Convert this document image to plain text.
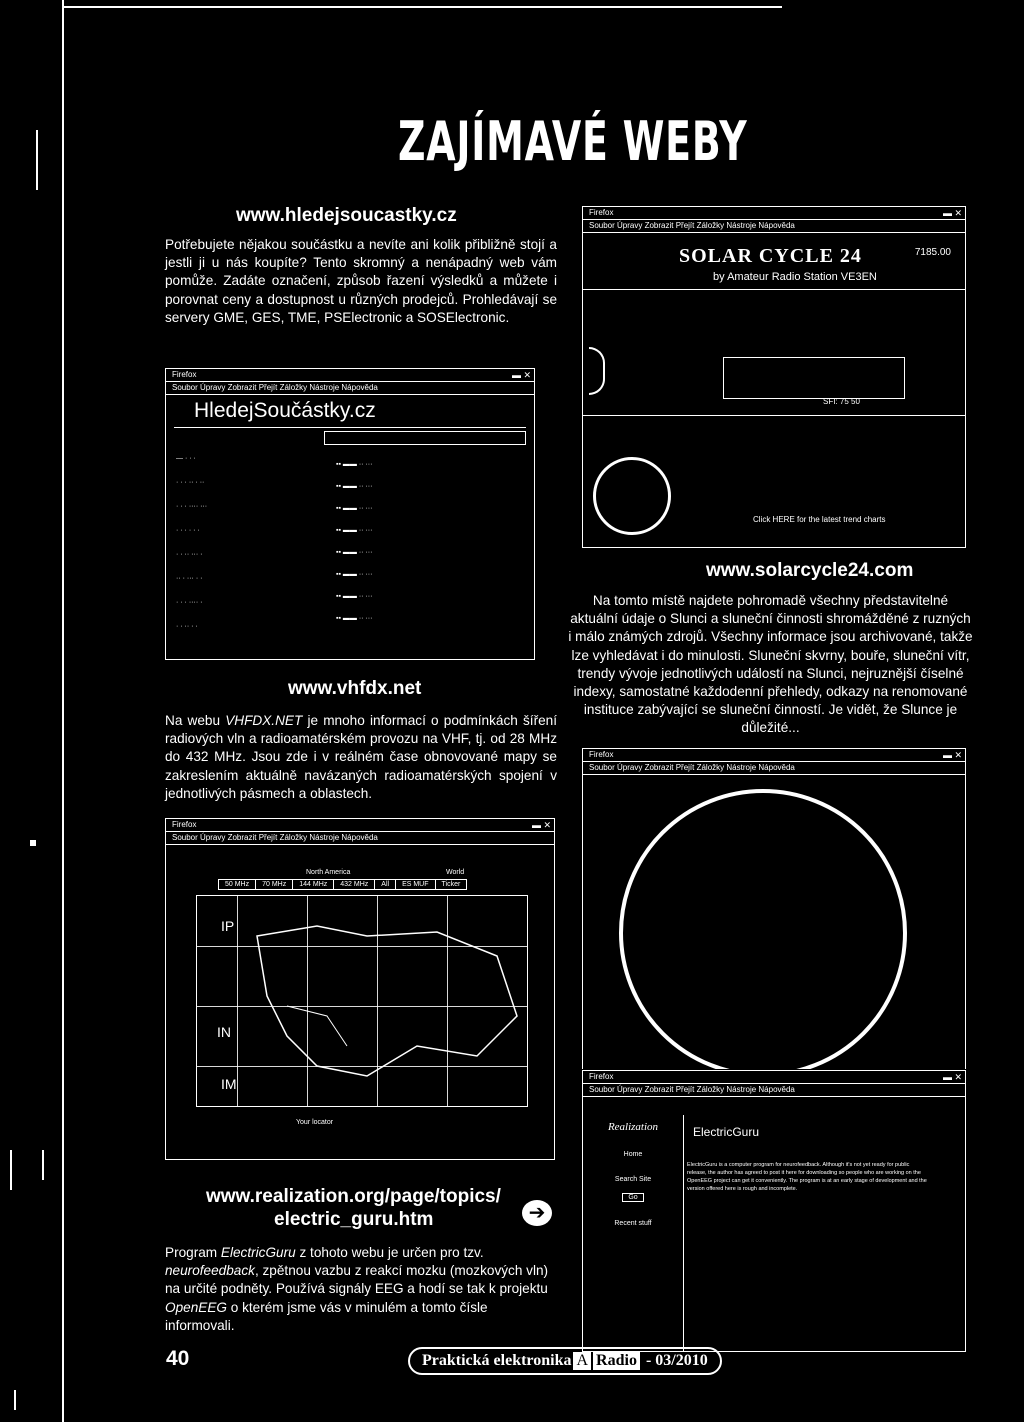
ZAJÍMAVÉ WEBY
www.hledejsoucastky.cz
Potřebujete nějakou součástku a nevíte ani kolik přibližně stojí a jestli ji u nás koupíte? Tento skromný a nenápadný web vám pomůže. Zadáte označení, způsob řazení výsledků a můžete i porovnat ceny a dostupnost u různých prodejců. Prohledávají se servery GME, GES, TME, PSElectronic a SOSElectronic.
Firefox	▬ ✕
Soubor Úpravy Zobrazit Přejít Záložky Nástroje Nápověda
HledejSoučástky.cz
— · · ·
· · · ·· · ··
· · · ···· ···
· · · · · ·
· · ·· ··· ·
·· · ··· · ·
· · · ···· ·
· · ·· · ·
▪▪ ▬▬ ·· ···
▪▪ ▬▬ ·· ···
▪▪ ▬▬ ·· ···
▪▪ ▬▬ ·· ···
▪▪ ▬▬ ·· ···
▪▪ ▬▬ ·· ···
▪▪ ▬▬ ·· ···
▪▪ ▬▬ ·· ···
www.vhfdx.net
Na webu VHFDX.NET je mnoho informací o podmínkách šíření radiových vln a radioamatérském provozu na VHF, tj. od 28 MHz do 432 MHz. Jsou zde i v reálném čase obnovované mapy se zakreslením aktuálně navázaných radioamatérských spojení v jednotlivých pásmech a oblastech.
Firefox	▬ ✕
Soubor Úpravy Zobrazit Přejít Záložky Nástroje Nápověda
North America	World
50 MHz	70 MHz	144 MHz	432 MHz	All	ES MUF	Ticker
IP
IN
IM
Your locator
Firefox	▬ ✕
Soubor Úpravy Zobrazit Přejít Záložky Nástroje Nápověda
SOLAR CYCLE 24
by Amateur Radio Station VE3EN
7185.00
SFI: 75 50
Click HERE for the latest trend charts
www.solarcycle24.com
Na tomto místě najdete pohromadě všechny představitelné aktuální údaje o Slunci a sluneční činnosti shromážděné z ruzných i málo známých zdrojů. Všechny informace jsou archivované, takže lze vyhledávat i do minulosti. Sluneční skvrny, bouře, sluneční vítr, trendy vývoje jednotlivých událostí na Slunci, nejruznější číselné indexy, samostatné každodenní přehledy, odkazy na renomované instituce zabývající se sluneční činností. Je vidět, že Slunce je důležité...
Firefox	▬ ✕
Soubor Úpravy Zobrazit Přejít Záložky Nástroje Nápověda
Firefox	▬ ✕
Soubor Úpravy Zobrazit Přejít Záložky Nástroje Nápověda
Realization
Home
Search Site
Go
Recent stuff
ElectricGuru
ElectricGuru is a computer program for neurofeedback. Although it's not yet ready for public release, the author has agreed to post it here for downloading so people who are working on the OpenEEG project can get it conveniently. The program is at an early stage of development and the version offered here is rough and incomplete.
www.realization.org/page/topics/
electric_guru.htm	➔
Program ElectricGuru z tohoto webu je určen pro tzv. neurofeedback, zpětnou vazbu z reakcí mozku (mozkových vln) na určité podněty. Používá signály EEG a hodí se tak k projektu OpenEEG o kterém jsme vás v minulém a tomto čísle informovali.
40	Praktická elektronika A Radio - 03/2010
